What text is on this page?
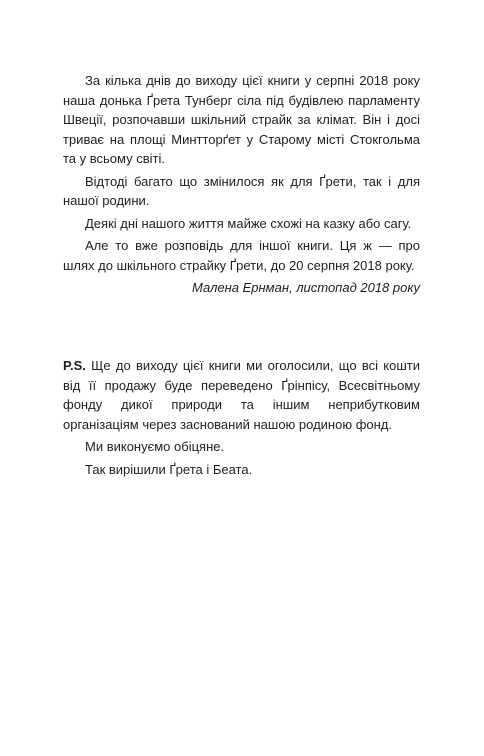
За кілька днів до виходу цієї книги у серпні 2018 року наша донька Ґрета Тунберг сіла під будівлею парламенту Швеції, розпочавши шкільний страйк за клімат. Він і досі триває на площі Минтторґет у Старому місті Стокгольма та у всьому світі.

Відтоді багато що змінилося як для Ґрети, так і для нашої родини.

Деякі дні нашого життя майже схожі на казку або сагу.

Але то вже розповідь для іншої книги. Ця ж — про шлях до шкільного страйку Ґрети, до 20 серпня 2018 року.

Малена Ернман, листопад 2018 року

P.S. Ще до виходу цієї книги ми оголосили, що всі кошти від її продажу буде переведено Ґрінпісу, Всесвітньому фонду дикої природи та іншим неприбутковим організаціям через заснований нашою родиною фонд.

Ми виконуємо обіцяне.

Так вирішили Ґрета і Беата.
